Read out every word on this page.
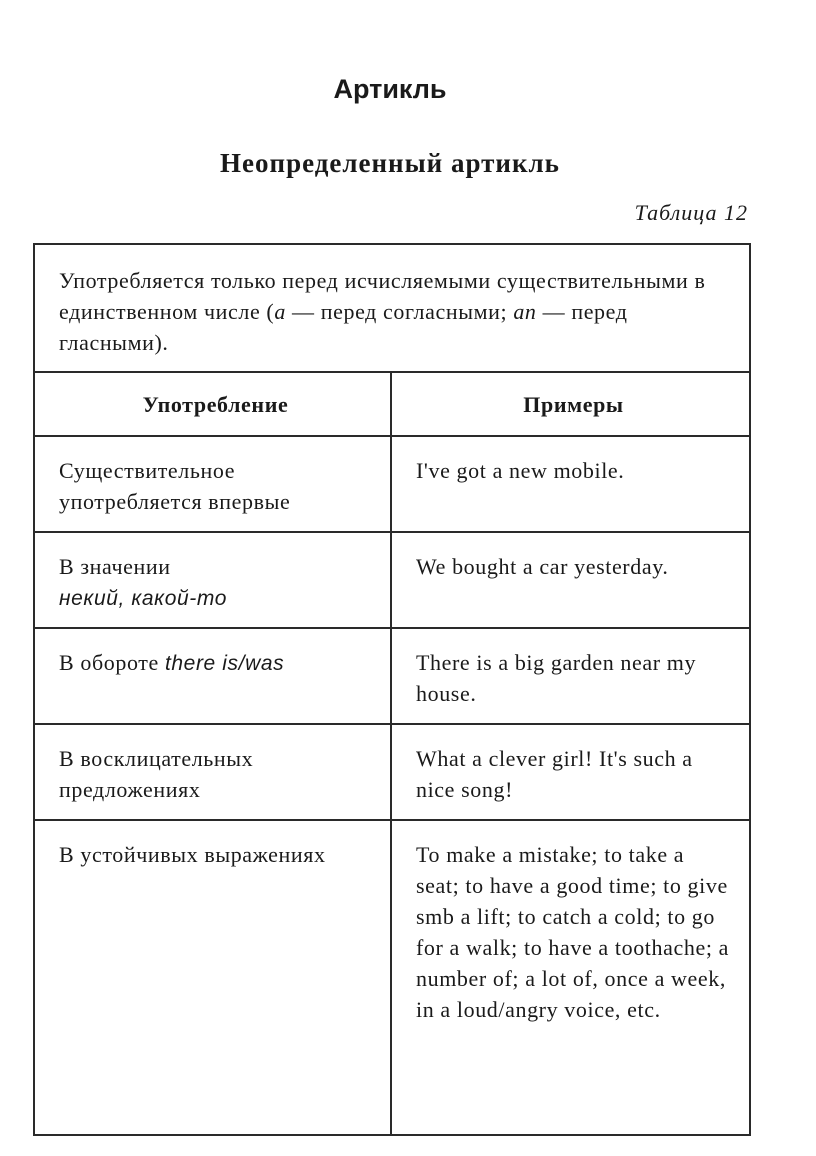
Артикль
Неопределенный артикль
Таблица 12
Употребляется только перед исчисляемыми существительными в единственном числе (а — перед согласными; an — перед гласными).	
Употребление	Примеры
Существительное употребляется впервые	I've got a new mobile.
В значении
некий, какой-то	We bought a car yesterday.
В обороте there is/was	There is a big garden near my house.
В восклицательных предложениях	What a clever girl! It's such a nice song!
В устойчивых выражениях	To make a mistake; to take a seat; to have a good time; to give smb a lift; to catch a cold; to go for a walk; to have a toothache; a number of; a lot of, once a week, in a loud/angry voice, etc.
